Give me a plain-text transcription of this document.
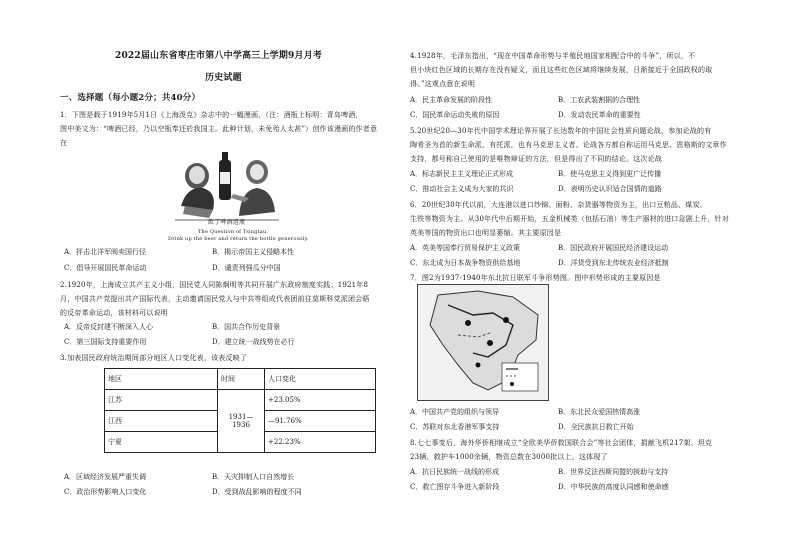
2022届山东省枣庄市第八中学高三上学期9月月考
历史试题
一、选择题（每小题2分；共40分）
1．下图是载于1919年5月1日《上海泼克》杂志中的一幅漫画，（注：酒瓶上标明：青岛啤酒，
图中美文为：“啤酒已经，乃以空瓶奉还於我国主。此种计划，未免殆人太甚”）创作该漫画的作者意
在
飲了啤酒返瓶
The Question of Tsingtau.
Drink up the beer and return the bottle generously.
A．抨击北洋军阀卖国行径	B．揭示帝国主义侵略本性
C．倡导开展国民革命运动	D．谴责列强瓜分中国
2.1920年，上海成立共产主义小组，国民党人同陈炯明等共同开展广东政府制度实践；1921年8
月，中国共产党提出共产国际代表，主动邀请国民党人与中共等组成代表团前往莫斯科党派团会晤
的反帝革命运动，该材料可以说明
A．反帝反封建不断深入人心	B．国共合作历史背景
C．第三国际支持重要作用	D．建立统一战线势在必行
3.加表国民政府统治期间部分地区人口变化表，该表反映了
地区	时间	人口变化
江苏	1931—1936	+23.05%
江西		—91.76%
宁夏		+22.23%
A．区域经济发展严重失调	B．天灾抑制人口自然增长
C．政治形势影响人口变化	D．受到战乱影响的程度不同
4.1928年，毛泽东指出，“现在中国革命形势与半殖民地国家相配合中的斗争”，所以，不
但小块红色区域的长期存在没有疑义，而且这些红色区域将继续发展，日渐接近于全国政权的取
得。”这观点意在说明
A．民主革命发展的阶段性	B．工农武装割据的合理性
C．国民革命运动失败的原因	D．发动农民革命的重要性
5.20世纪20—30年代中国学术理论界开展了长达数年的中国社会性质问题论战。参加论战的有
陶希圣为首的新生命派，有托派，也有马克思主义者。论战各方都自称运用马克思、恩格斯的文章作
支持，都号称自己使用的是唯物辩证的方法，但是得出了不同的结论。这次论战
A．标志新民主主义理论正式形成	B．使马克思主义得到更广泛传播
C．推动社会主义成为大家的共识	D．表明历史认识适合国情的道路
6．20世纪30年代以前，大连港以进口纱锦、面粉、杂货器等物资为主，出口豆粕品、煤炭、
生铁等物资为主。从30年代中后期开始，五金机械类（包括石油）等生产器材的进口急剧上升，针对
英美等国的物资出口也明显萎缩。其主要原因是
A．英美等国奉行贸易保护主义政策	B．国民政府开展国民经济建设运动
C．东北成为日本战争物资供给基地	D．洋货受到东北传统农业经济抵制
7．图2为1937-1940年东北抗日联军斗争形势图。图中形势形成的主要原因是
A．中国共产党的组织与领导	B．东北民众爱国热情高涨
C．苏联对东北香港军事支持	D．全民族抗日救亡开始
8.七七事变后，海外华侨相继成立“全欧美华侨救国联合会”等社会团体，捐献飞机217架、坦克
23辆、救护车1000余辆，物资总数在3000批以上。这体现了
A．抗日民族统一战线的形成	B．世界反法西斯同盟的援助与支持
C．救亡图存斗争进入新阶段	D．中华民族的高度认同感和使命感
